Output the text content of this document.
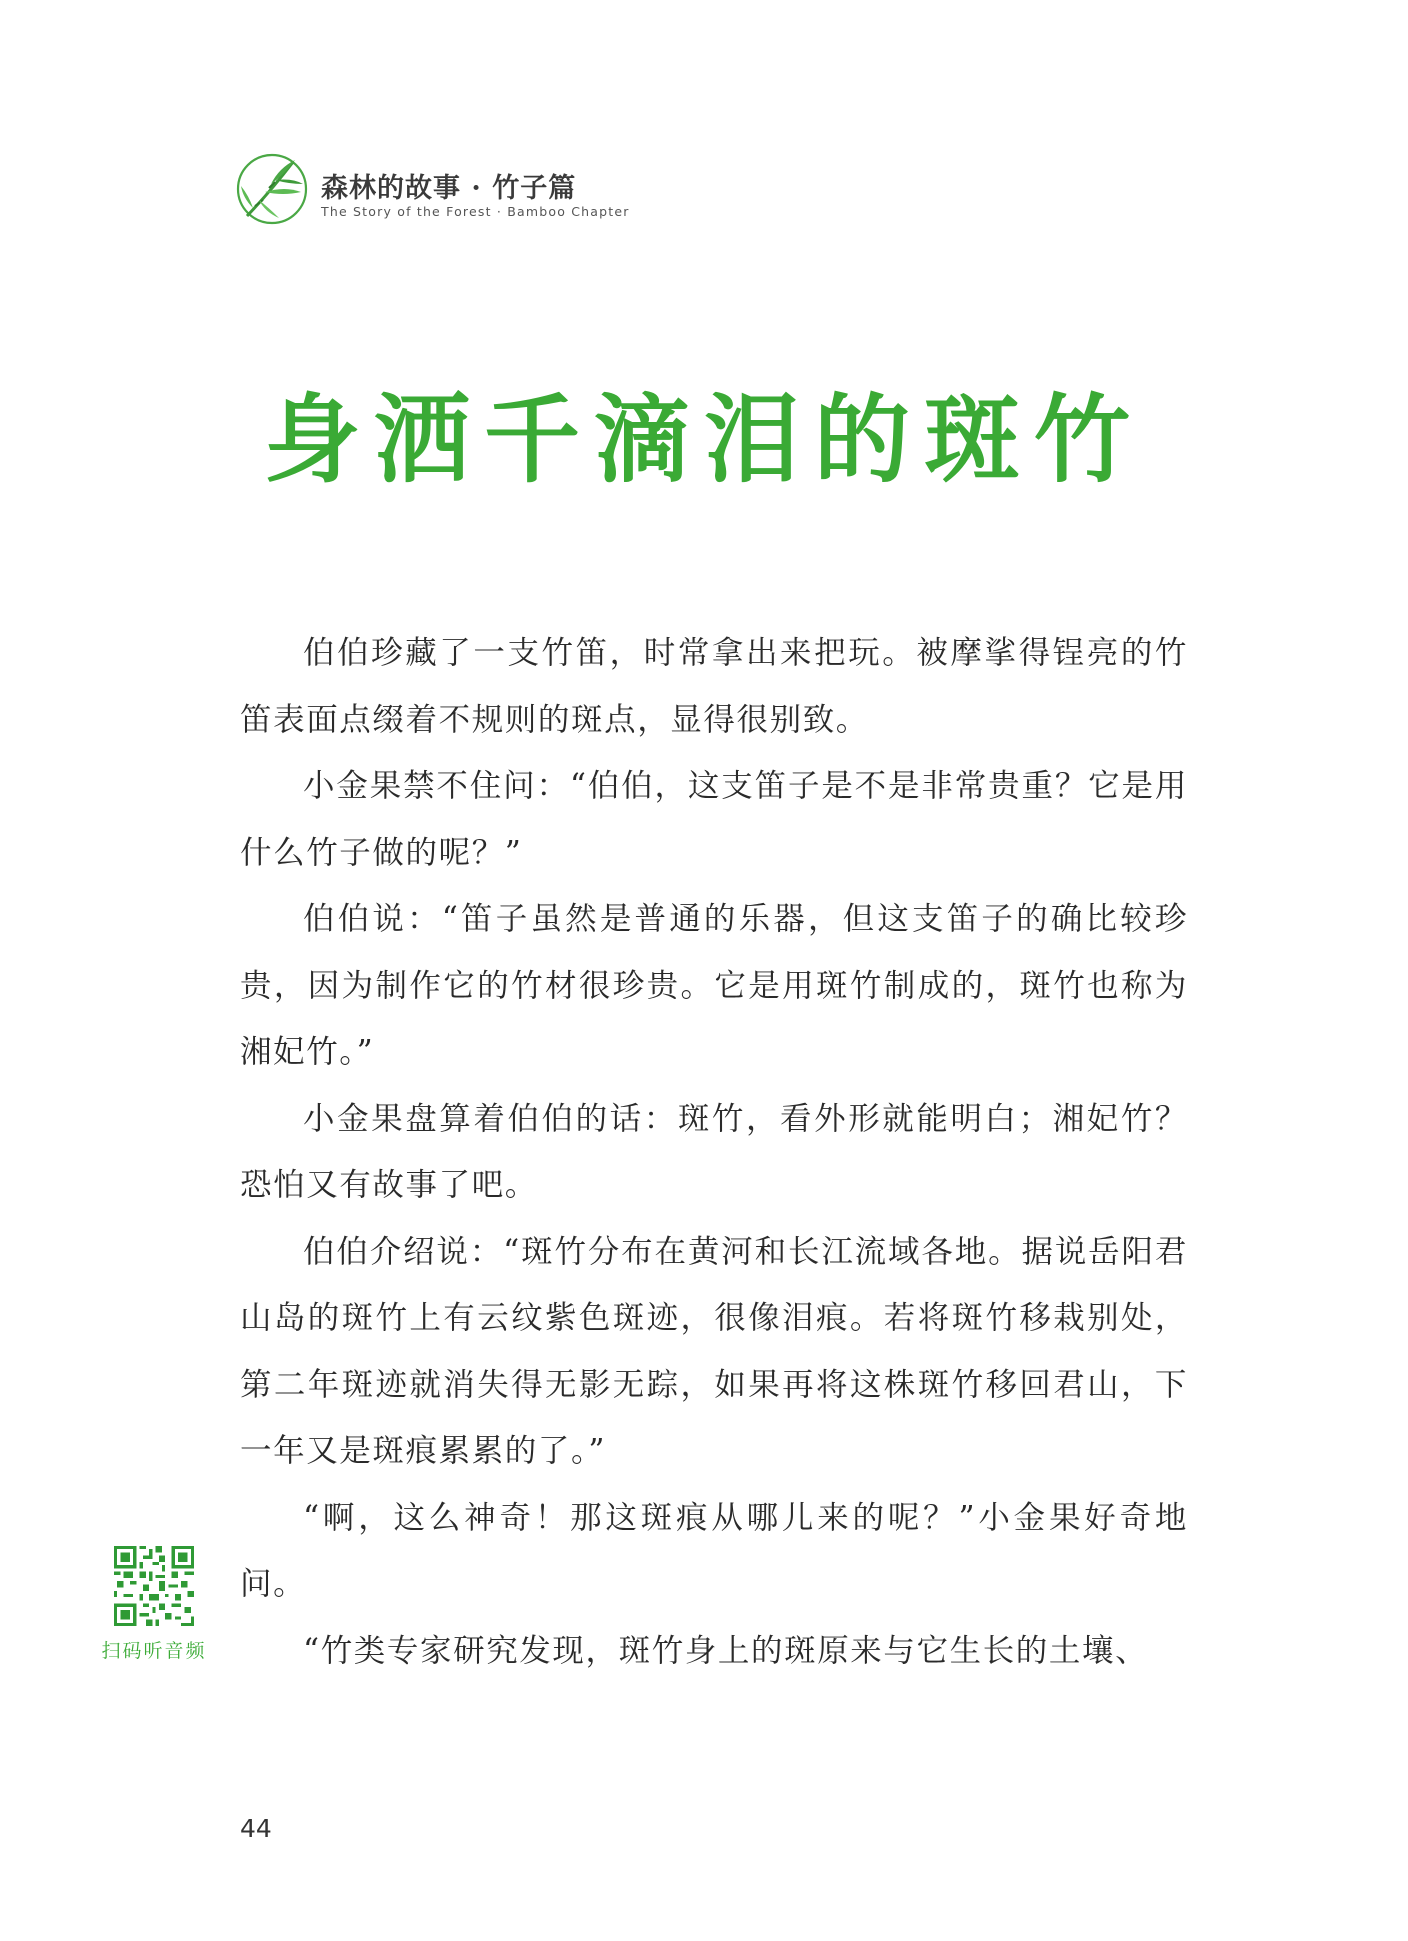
森林的故事 · 竹子篇
The Story of the Forest · Bamboo Chapter
身洒千滴泪的斑竹

伯伯珍藏了一支竹笛，时常拿出来把玩。被摩挲得锃亮的竹笛表面点缀着不规则的斑点，显得很别致。

小金果禁不住问：“伯伯，这支笛子是不是非常贵重？它是用什么竹子做的呢？”

伯伯说：“笛子虽然是普通的乐器，但这支笛子的确比较珍贵，因为制作它的竹材很珍贵。它是用斑竹制成的，斑竹也称为湘妃竹。”

小金果盘算着伯伯的话：斑竹，看外形就能明白；湘妃竹？恐怕又有故事了吧。

伯伯介绍说：“斑竹分布在黄河和长江流域各地。据说岳阳君山岛的斑竹上有云纹紫色斑迹，很像泪痕。若将斑竹移栽别处，第二年斑迹就消失得无影无踪，如果再将这株斑竹移回君山，下一年又是斑痕累累的了。”

“啊，这么神奇！那这斑痕从哪儿来的呢？”小金果好奇地问。

“竹类专家研究发现，斑竹身上的斑原来与它生长的土壤、

扫码听音频
44
